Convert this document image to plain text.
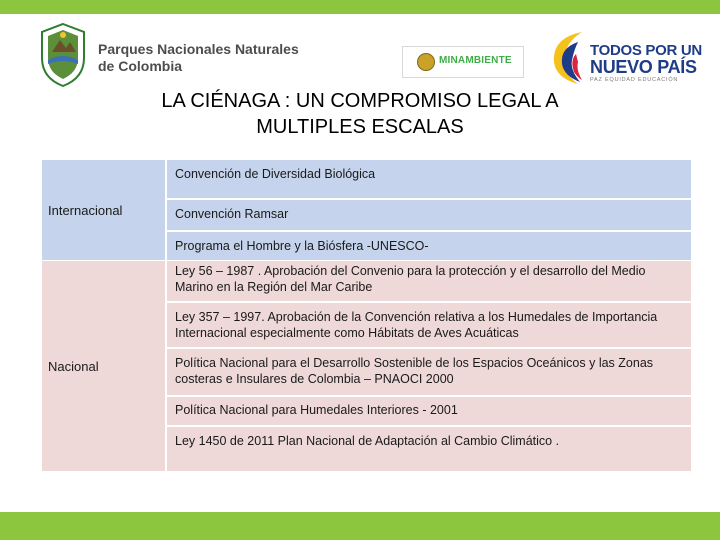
Parques Nacionales Naturales
de Colombia	MINAMBIENTE
TODOS POR UN
NUEVO PAÍS
PAZ EQUIDAD EDUCACIÓN
LA CIÉNAGA : UN COMPROMISO LEGAL A
MULTIPLES ESCALAS
Internacional
Convención de Diversidad Biológica
Convención Ramsar
Programa el Hombre y la Biósfera -UNESCO-
Nacional
Ley 56 – 1987 . Aprobación del Convenio para la protección y el desarrollo del Medio Marino en la Región del Mar Caribe
Ley 357 – 1997. Aprobación de la Convención relativa a los Humedales de Importancia Internacional especialmente como Hábitats de Aves Acuáticas
Política Nacional para el Desarrollo Sostenible de los Espacios Oceánicos y las Zonas costeras e Insulares de Colombia – PNAOCI 2000
Política Nacional para Humedales Interiores - 2001
Ley 1450 de 2011 Plan Nacional de Adaptación al Cambio Climático .
